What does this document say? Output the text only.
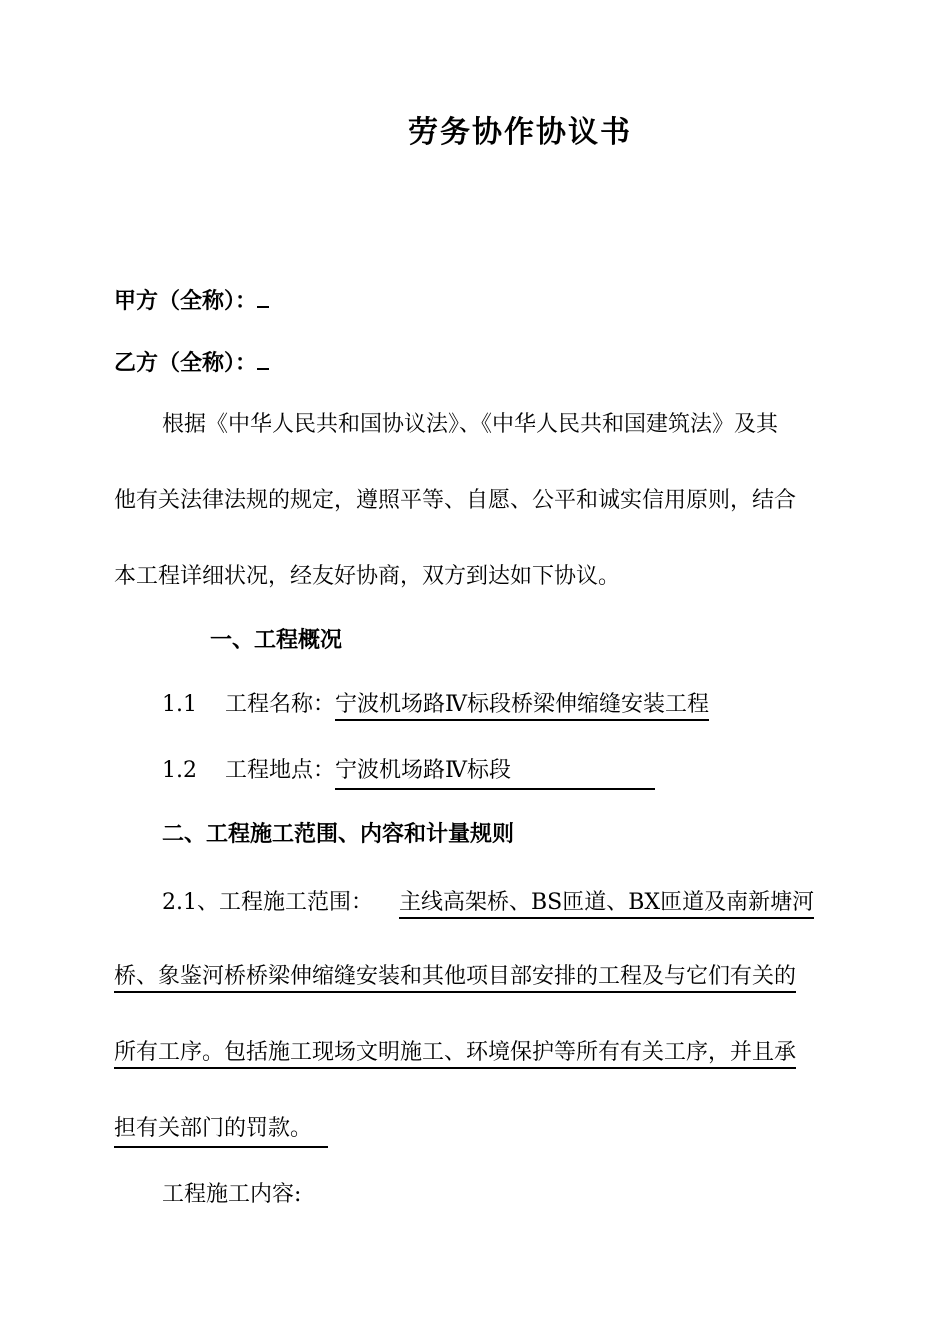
劳务协作协议书
甲方（全称）：
乙方（全称）：
根据《中华人民共和国协议法》、《中华人民共和国建筑法》及其
他有关法律法规的规定，遵照平等、自愿、公平和诚实信用原则，结合
本工程详细状况，经友好协商，双方到达如下协议。
一、工程概况
1.1    工程名称：宁波机场路Ⅳ标段桥梁伸缩缝安装工程
1.2    工程地点：宁波机场路Ⅳ标段
二、工程施工范围、内容和计量规则
2.1、工程施工范围： 主线高架桥、BS匝道、BX匝道及南新塘河
桥、象鉴河桥桥梁伸缩缝安装和其他项目部安排的工程及与它们有关的
所有工序。包括施工现场文明施工、环境保护等所有有关工序，并且承
担有关部门的罚款。
工程施工内容:
